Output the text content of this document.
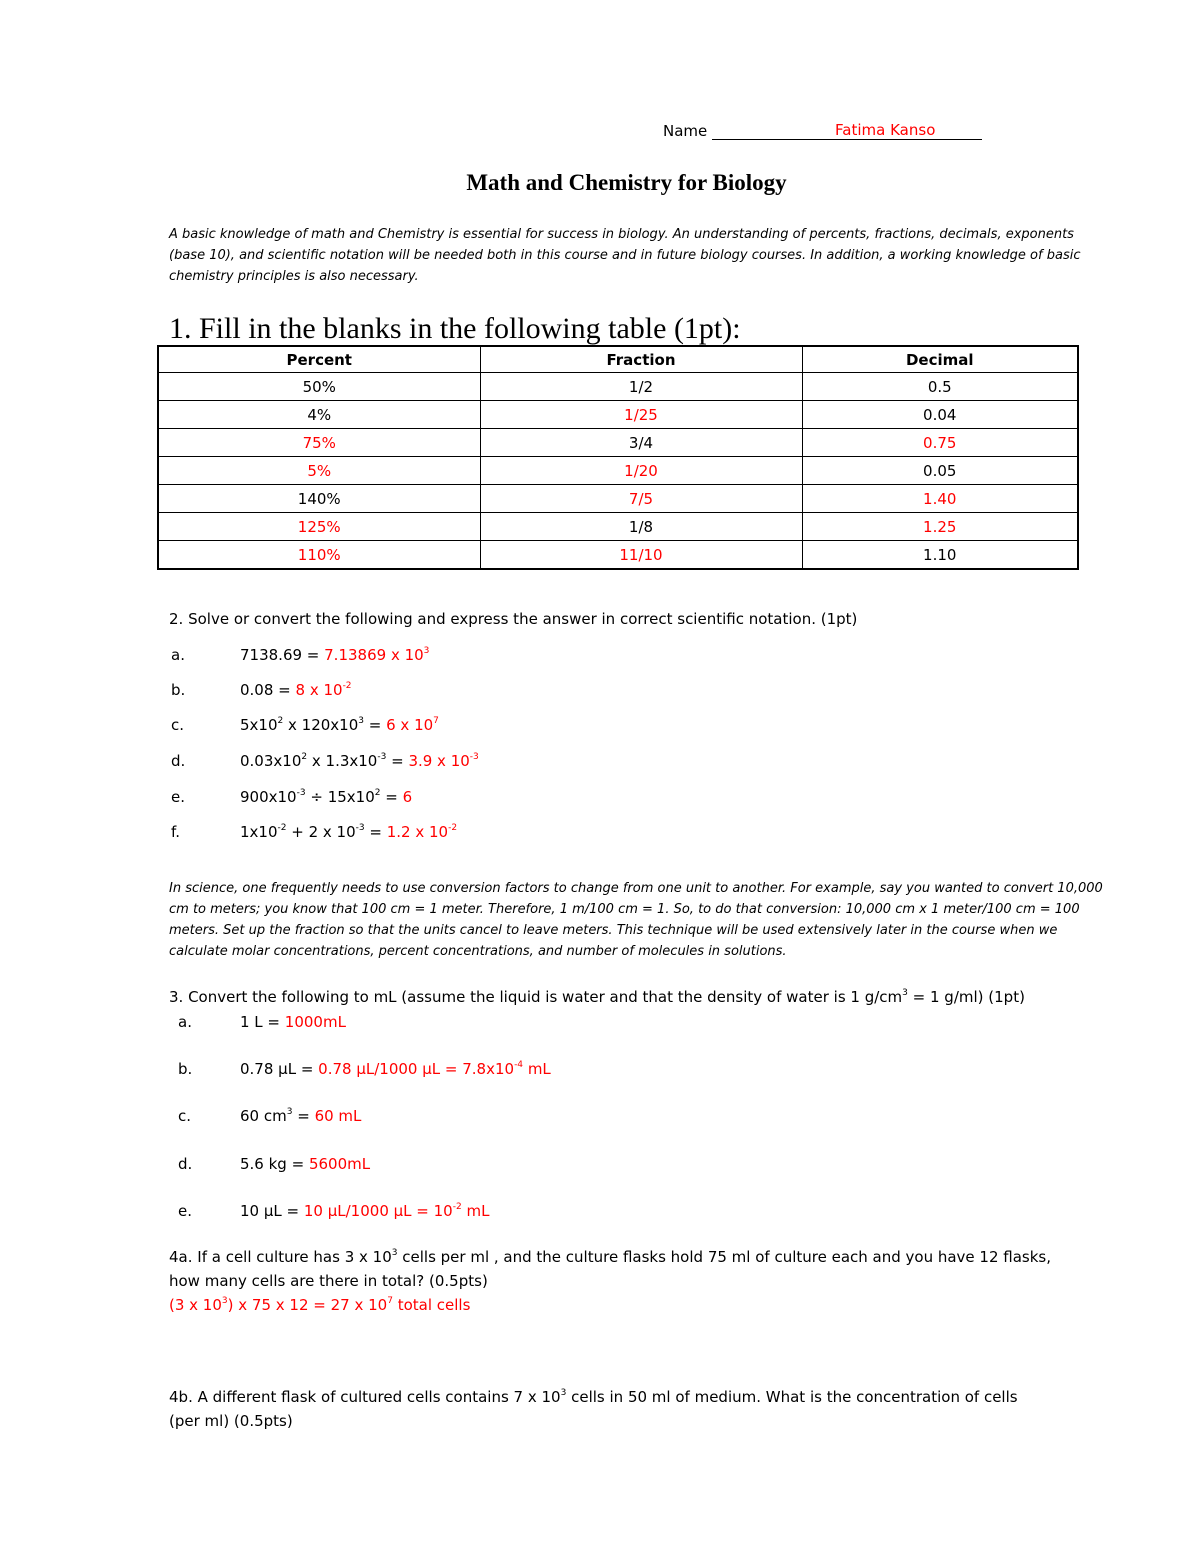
Name	Fatima Kanso
Math and Chemistry for Biology
A basic knowledge of math and Chemistry is essential for success in biology. An understanding of percents, fractions, decimals, exponents (base 10), and scientific notation will be needed both in this course and in future biology courses. In addition, a working knowledge of basic chemistry principles is also necessary.
1. Fill in the blanks in the following table (1pt):
Percent	Fraction	Decimal
50%	1/2	0.5
4%	1/25	0.04
75%	3/4	0.75
5%	1/20	0.05
140%	7/5	1.40
125%	1/8	1.25
110%	11/10	1.10
2. Solve or convert the following and express the answer in correct scientific notation. (1pt)
a.	7138.69 = 7.13869 x $10^3$
b.	0.08 = 8 x $10^{-2}$
c.	$5x10^2$ x $120x10^3 = 6$ x $10^7$
d.	$0.03x10^2$ x $1.3x10^{-3} = 3.9$ x $10^{-3}$
e.	$900x10^{-3} \div 15x10^2 = 6$
f.	$1x10^{-2} + 2$ x $10^{-3} = 1.2$ x $10^{-2}$
In science, one frequently needs to use conversion factors to change from one unit to another. For example, say you wanted to convert 10,000 cm to meters; you know that 100 cm = 1 meter. Therefore, 1 m/100 cm = 1. So, to do that conversion: 10,000 cm x 1 meter/100 cm = 100 meters. Set up the fraction so that the units cancel to leave meters. This technique will be used extensively later in the course when we calculate molar concentrations, percent concentrations, and number of molecules in solutions.
3. Convert the following to mL (assume the liquid is water and that the density of water is 1 $g/cm^3 = 1$ g/ml) (1pt)
a.	1 L = 1000mL
b.	0.78 μL = 0.78 μL/1000 $\mu L = 7.8x10^{-4}$ mL
c.	60 $cm^3 = 60$ mL
d.	5.6 kg = 5600mL
e.	10 μL = 10 μL/1000 $\mu L = 10^{-2}$ mL
4a. If a cell culture has 3 x $10^3$ cells per ml , and the culture flasks hold 75 ml of culture each and you have 12 flasks,
how many cells are there in total? (0.5pts)
(3 x $10^3$) x 75 x 12 = 27 x $10^7$ total cells
4b. A different flask of cultured cells contains 7 x $10^3$ cells in 50 ml of medium. What is the concentration of cells
(per ml) (0.5pts)
